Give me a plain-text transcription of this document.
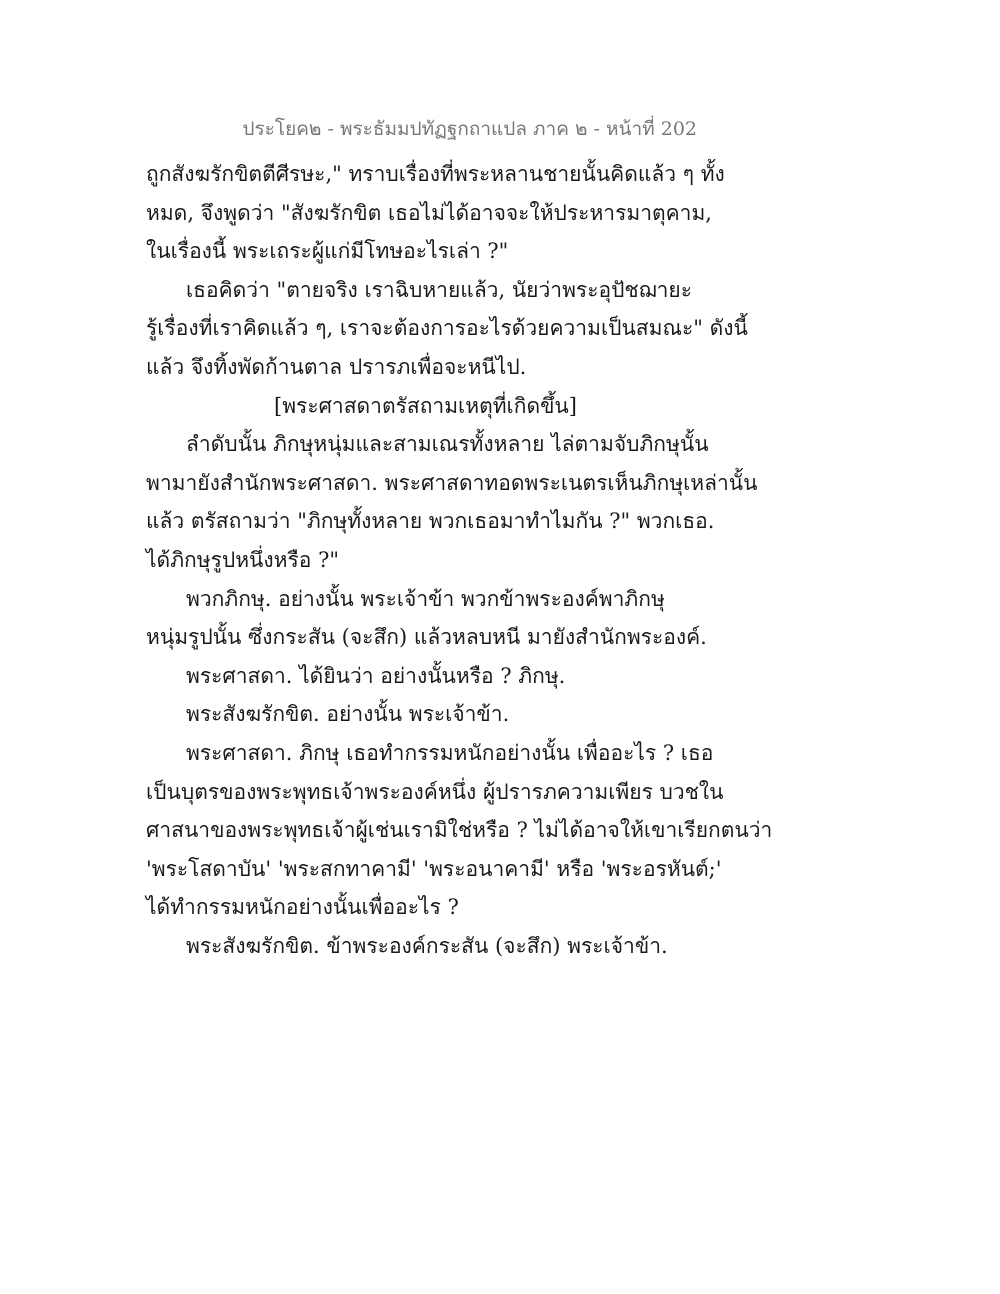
ประโยค๒ - พระธัมมปทัฏฐกถาแปล ภาค ๒ - หน้าที่ 202
ถูกสังฆรักขิตตีศีรษะ," ทราบเรื่องที่พระหลานชายนั้นคิดแล้ว ๆ ทั้ง
หมด, จึงพูดว่า "สังฆรักขิต เธอไม่ได้อาจจะให้ประหารมาตุคาม,
ในเรื่องนี้ พระเถระผู้แก่มีโทษอะไรเล่า ?"
เธอคิดว่า "ตายจริง เราฉิบหายแล้ว, นัยว่าพระอุปัชฌายะ
รู้เรื่องที่เราคิดแล้ว ๆ, เราจะต้องการอะไรด้วยความเป็นสมณะ" ดังนี้
แล้ว จึงทิ้งพัดก้านตาล ปรารภเพื่อจะหนีไป.
[พระศาสดาตรัสถามเหตุที่เกิดขึ้น]
ลำดับนั้น ภิกษุหนุ่มและสามเณรทั้งหลาย ไล่ตามจับภิกษุนั้น
พามายังสำนักพระศาสดา. พระศาสดาทอดพระเนตรเห็นภิกษุเหล่านั้น
แล้ว ตรัสถามว่า "ภิกษุทั้งหลาย พวกเธอมาทำไมกัน ?" พวกเธอ.
ได้ภิกษุรูปหนึ่งหรือ ?"
พวกภิกษุ. อย่างนั้น พระเจ้าข้า พวกข้าพระองค์พาภิกษุ
หนุ่มรูปนั้น ซึ่งกระสัน (จะสึก) แล้วหลบหนี มายังสำนักพระองค์.
พระศาสดา. ได้ยินว่า อย่างนั้นหรือ ? ภิกษุ.
พระสังฆรักขิต. อย่างนั้น พระเจ้าข้า.
พระศาสดา. ภิกษุ เธอทำกรรมหนักอย่างนั้น เพื่ออะไร ? เธอ
เป็นบุตรของพระพุทธเจ้าพระองค์หนึ่ง ผู้ปรารภความเพียร บวชใน
ศาสนาของพระพุทธเจ้าผู้เช่นเรามิใช่หรือ ? ไม่ได้อาจให้เขาเรียกตนว่า
'พระโสดาบัน' 'พระสกทาคามี' 'พระอนาคามี' หรือ 'พระอรหันต์;'
ได้ทำกรรมหนักอย่างนั้นเพื่ออะไร ?
พระสังฆรักขิต. ข้าพระองค์กระสัน (จะสึก) พระเจ้าข้า.
